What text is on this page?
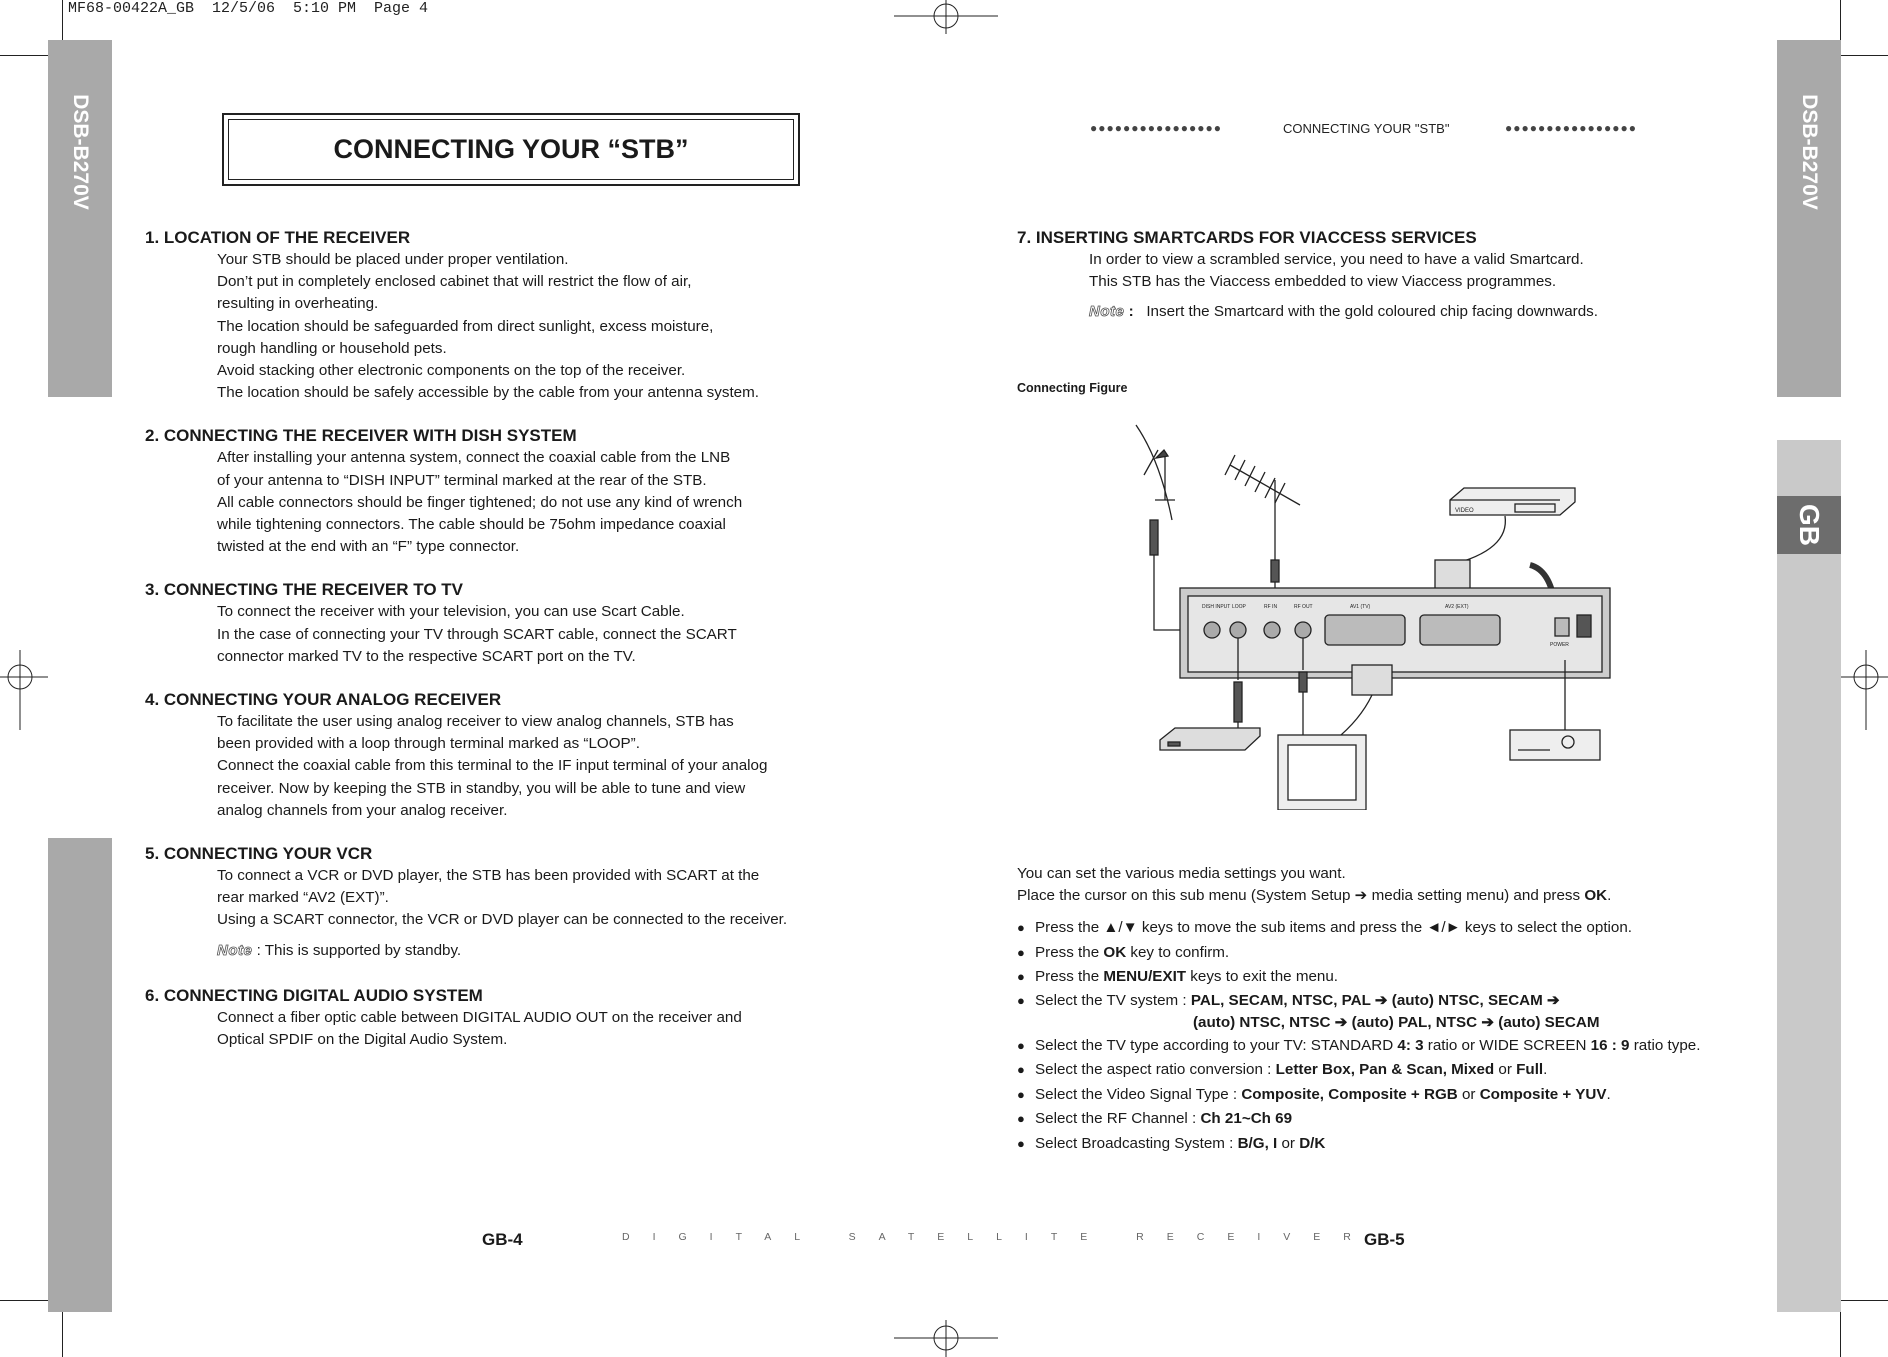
MF68-00422A_GB  12/5/06  5:10 PM  Page 4
DSB-B270V
GB
DSB-B270V
CONNECTING YOUR “STB”
●●●●●●●●●●●●●●●●	CONNECTING YOUR "STB"	●●●●●●●●●●●●●●●●

1. LOCATION OF THE RECEIVER

Your STB should be placed under proper ventilation.
Don’t put in completely enclosed cabinet that will restrict the flow of air,
resulting in overheating.
The location should be safeguarded from direct sunlight, excess moisture,
rough handling or household pets.
Avoid stacking other electronic components on the top of the receiver.
The location should be safely accessible by the cable from your antenna system.

2. CONNECTING THE RECEIVER WITH DISH SYSTEM

After installing your antenna system, connect the coaxial cable from the LNB
of your antenna to “DISH INPUT” terminal marked at the rear of the STB.
All cable connectors should be finger tightened; do not use any kind of wrench
while tightening connectors. The cable should be 75ohm impedance coaxial
twisted at the end with an “F” type connector.

3. CONNECTING THE RECEIVER TO TV

To connect the receiver with your television, you can use Scart Cable.
In the case of connecting your TV through SCART cable, connect the SCART
connector marked TV to the respective SCART port on the TV.

4. CONNECTING YOUR ANALOG RECEIVER

To facilitate the user using analog receiver to view analog channels, STB has
been provided with a loop through terminal marked as “LOOP”.
Connect the coaxial cable from this terminal to the IF input terminal of your analog
receiver. Now by keeping the STB in standby, you will be able to tune and view
analog channels from your analog receiver.

5. CONNECTING YOUR VCR

To connect a VCR or DVD player, the STB has been provided with SCART at the
rear marked “AV2 (EXT)”.
Using a SCART connector, the VCR or DVD player can be connected to the receiver.
Note : This is supported by standby.

6. CONNECTING DIGITAL AUDIO SYSTEM

Connect a fiber optic cable between DIGITAL AUDIO OUT on the receiver and
Optical SPDIF on the Digital Audio System.

7. INSERTING SMARTCARDS FOR VIACCESS SERVICES

In order to view a scrambled service, you need to have a valid Smartcard.
This STB has the Viaccess embedded to view Viaccess programmes.
Note : Insert the Smartcard with the gold coloured chip facing downwards.
Connecting Figure
VIDEO
DISH INPUT LOOP	RF IN	RF OUT	AV1 (TV)	AV2 (EXT)
POWER
You can set the various media settings you want.
Place the cursor on this sub menu (System Setup ➔ media setting menu) and press OK.
● Press the ▲/▼ keys to move the sub items and press the ◄/► keys to select the option.
● Press the OK key to confirm.
● Press the MENU/EXIT keys to exit the menu.
● Select the TV system : PAL, SECAM, NTSC, PAL ➔ (auto) NTSC, SECAM ➔
(auto) NTSC, NTSC ➔ (auto) PAL, NTSC ➔ (auto) SECAM
● Select the TV type according to your TV: STANDARD 4: 3 ratio or WIDE SCREEN 16 : 9 ratio type.
● Select the aspect ratio conversion : Letter Box, Pan & Scan, Mixed or Full.
● Select the Video Signal Type : Composite, Composite + RGB or Composite + YUV.
● Select the RF Channel : Ch 21~Ch 69
● Select Broadcasting System : B/G, I or D/K
GB-4	DIGITAL SATELLITE RECEIVER
GB-5
